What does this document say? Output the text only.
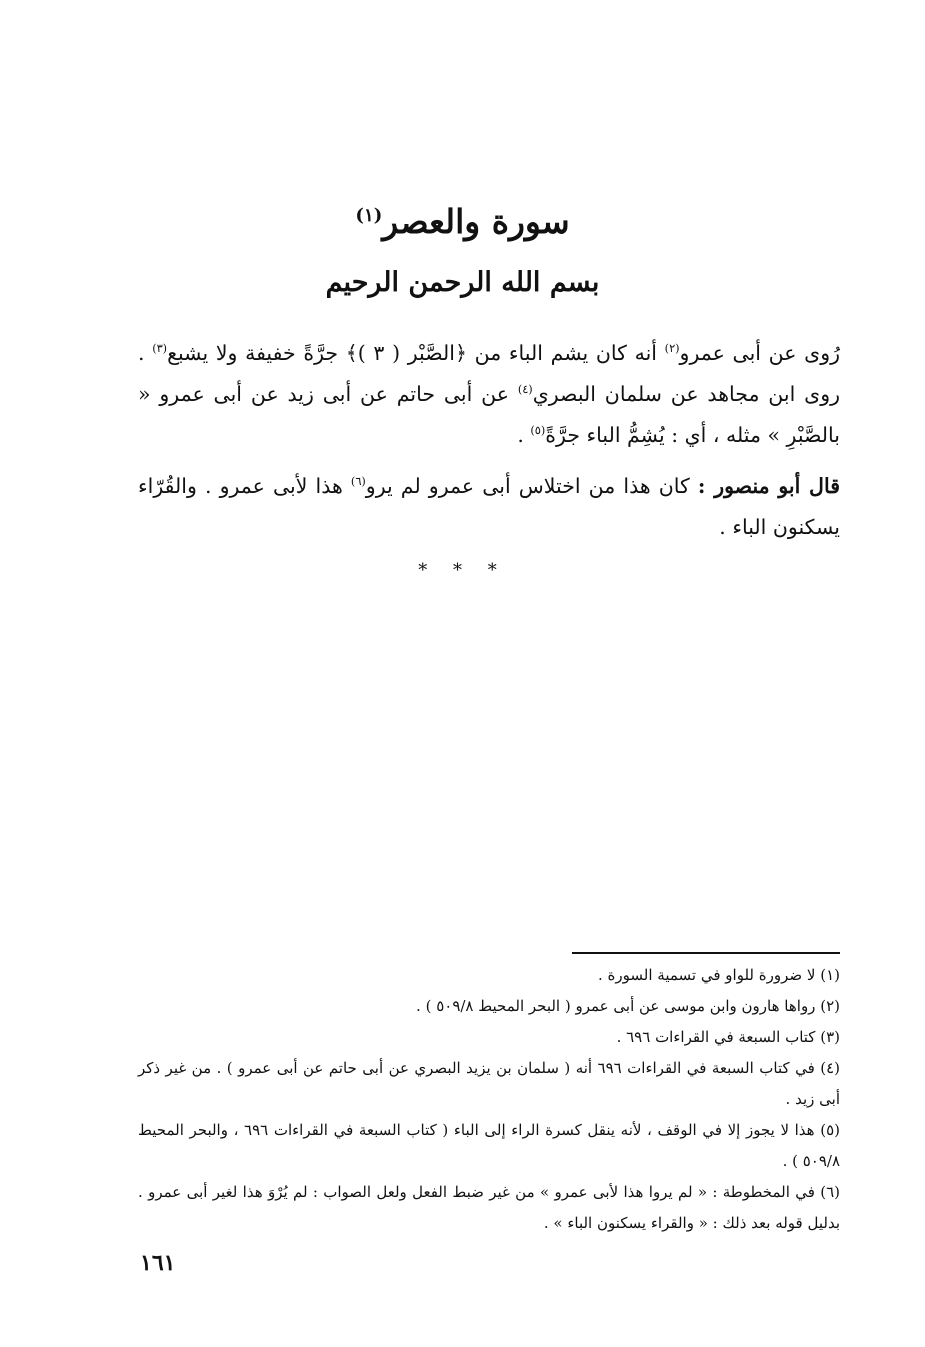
سورة والعصر$^{(١)}$
بسم الله الرحمن الرحيم
رُوى عن أبى عمرو$^{(٢)}$ أنه كان يشم الباء من ﴿الصَّبْر ( ٣ )﴾ جرَّةً خفيفة ولا يشبع$^{(٣)}$ . روى ابن مجاهد عن سلمان البصري$^{(٤)}$ عن أبى حاتم عن أبى زيد عن أبى عمرو « بالصَّبْرِ » مثله ، أي : يُشِمُّ الباء جرَّةً$^{(٥)}$ .
قال أبو منصور : كان هذا من اختلاس أبى عمرو لم يرو$^{(٦)}$ هذا لأبى عمرو . والقُرّاء يسكنون الباء .
* * *
(١) لا ضرورة للواو في تسمية السورة .
(٢) رواها هارون وابن موسى عن أبى عمرو ( البحر المحيط ٥٠٩/٨ ) .
(٣) كتاب السبعة في القراءات ٦٩٦ .
(٤) في كتاب السبعة في القراءات ٦٩٦ أنه ( سلمان بن يزيد البصري عن أبى حاتم عن أبى عمرو ) . من غير ذكر أبى زيد .
(٥) هذا لا يجوز إلا في الوقف ، لأنه ينقل كسرة الراء إلى الباء ( كتاب السبعة في القراءات ٦٩٦ ، والبحر المحيط ٥٠٩/٨ ) .
(٦) في المخطوطة : « لم يروا هذا لأبى عمرو » من غير ضبط الفعل ولعل الصواب : لم يُرْوَ هذا لغير أبى عمرو . بدليل قوله بعد ذلك : « والقراء يسكنون الباء » .
١٦١
